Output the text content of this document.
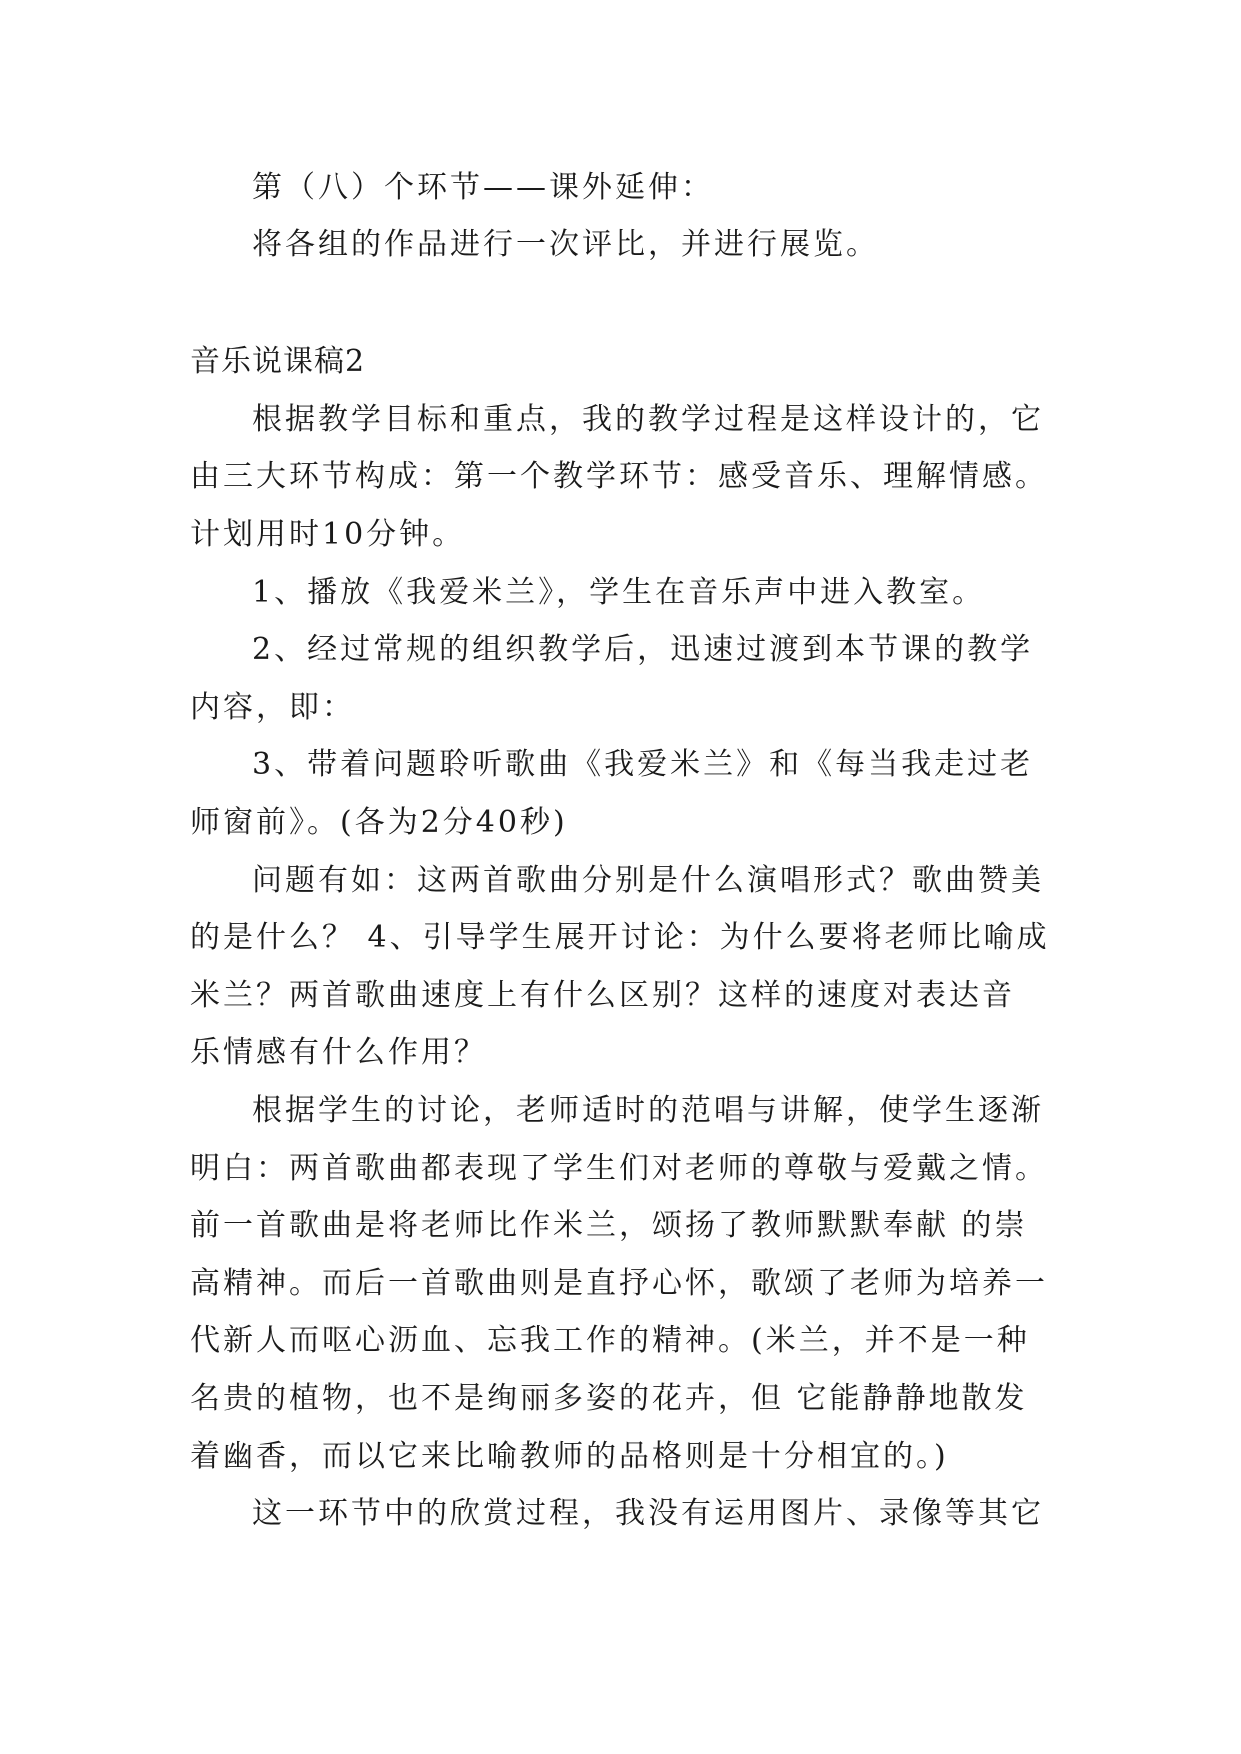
第（八）个环节——课外延伸：
将各组的作品进行一次评比，并进行展览。
音乐说课稿2
根据教学目标和重点，我的教学过程是这样设计的，它
由三大环节构成：第一个教学环节：感受音乐、理解情感。
计划用时10分钟。
1、播放《我爱米兰》，学生在音乐声中进入教室。
2、经过常规的组织教学后，迅速过渡到本节课的教学
内容，即：
3、带着问题聆听歌曲《我爱米兰》和《每当我走过老
师窗前》。(各为2分40秒)
问题有如：这两首歌曲分别是什么演唱形式？歌曲赞美
的是什么？ 4、引导学生展开讨论：为什么要将老师比喻成
米兰？两首歌曲速度上有什么区别？这样的速度对表达音
乐情感有什么作用？
根据学生的讨论，老师适时的范唱与讲解，使学生逐渐
明白：两首歌曲都表现了学生们对老师的尊敬与爱戴之情。
前一首歌曲是将老师比作米兰，颂扬了教师默默奉献 的崇
高精神。而后一首歌曲则是直抒心怀，歌颂了老师为培养一
代新人而呕心沥血、忘我工作的精神。(米兰，并不是一种
名贵的植物，也不是绚丽多姿的花卉，但 它能静静地散发
着幽香，而以它来比喻教师的品格则是十分相宜的。)
这一环节中的欣赏过程，我没有运用图片、录像等其它
